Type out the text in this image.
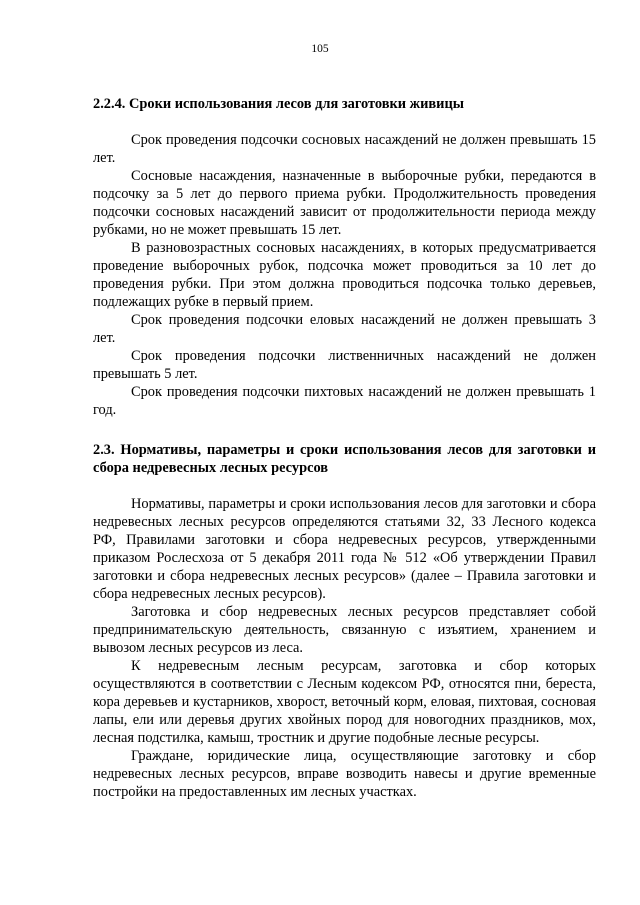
105
2.2.4. Сроки использования лесов для заготовки живицы

Срок проведения подсочки сосновых насаждений не должен превышать 15 лет.

Сосновые насаждения, назначенные в выборочные рубки, передаются в подсочку за 5 лет до первого приема рубки. Продолжительность проведения подсочки сосновых насаждений зависит от продолжительности периода между рубками, но не может превышать 15 лет.

В разновозрастных сосновых насаждениях, в которых предусматривается проведение выборочных рубок, подсочка может проводиться за 10 лет до проведения рубки. При этом должна проводиться подсочка только деревьев, подлежащих рубке в первый прием.

Срок проведения подсочки еловых насаждений не должен превышать 3 лет.

Срок проведения подсочки лиственничных насаждений не должен превышать 5 лет.

Срок проведения подсочки пихтовых насаждений не должен превышать 1 год.

2.3. Нормативы, параметры и сроки использования лесов для заготовки и сбора недревесных лесных ресурсов

Нормативы, параметры и сроки использования лесов для заготовки и сбора недревесных лесных ресурсов определяются статьями 32, 33 Лесного кодекса РФ, Правилами заготовки и сбора недревесных ресурсов, утвержденными приказом Рослесхоза от 5 декабря 2011 года № 512 «Об утверждении Правил заготовки и сбора недревесных лесных ресурсов» (далее – Правила заготовки и сбора недревесных лесных ресурсов).

Заготовка и сбор недревесных лесных ресурсов представляет собой предпринимательскую деятельность, связанную с изъятием, хранением и вывозом лесных ресурсов из леса.

К недревесным лесным ресурсам, заготовка и сбор которых осуществляются в соответствии с Лесным кодексом РФ, относятся пни, береста, кора деревьев и кустарников, хворост, веточный корм, еловая, пихтовая, сосновая лапы, ели или деревья других хвойных пород для новогодних праздников, мох, лесная подстилка, камыш, тростник и другие подобные лесные ресурсы.

Граждане, юридические лица, осуществляющие заготовку и сбор недревесных лесных ресурсов, вправе возводить навесы и другие временные постройки на предоставленных им лесных участках.
